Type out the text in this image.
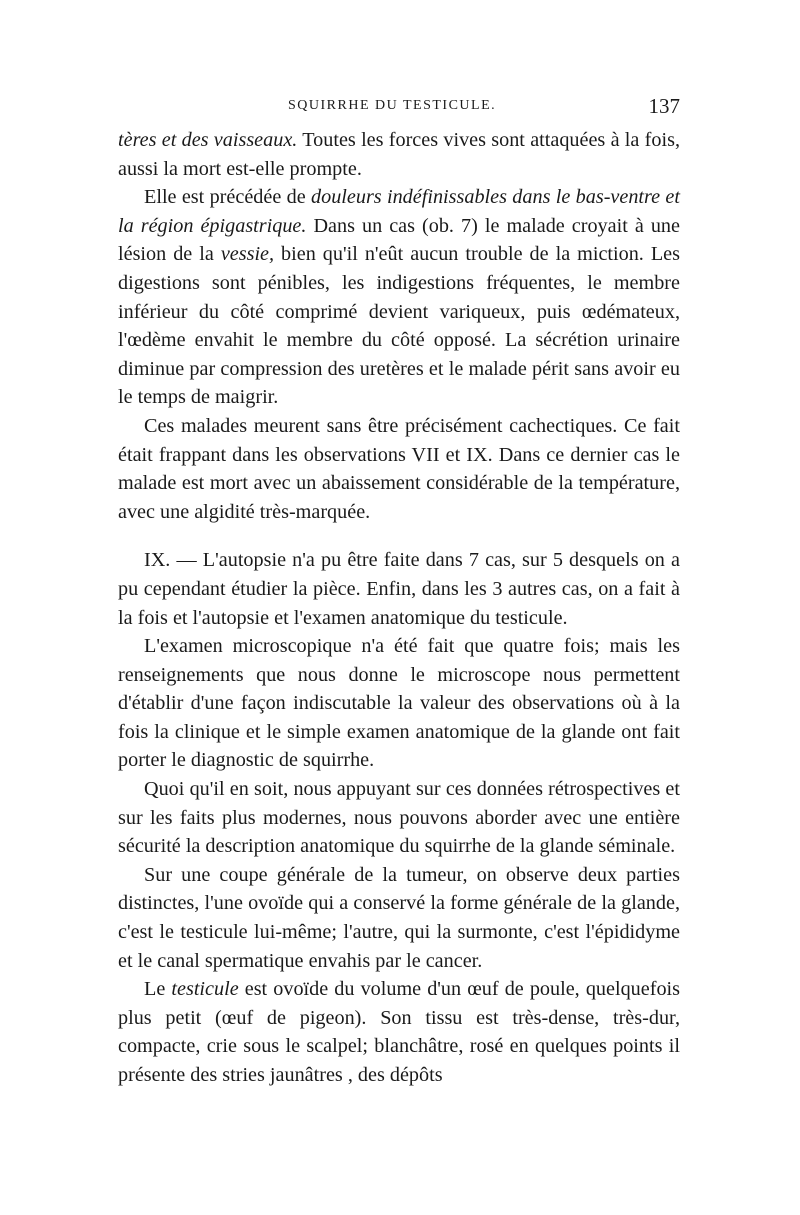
SQUIRRHE DU TESTICULE.	137

tères et des vaisseaux. Toutes les forces vives sont attaquées à la fois, aussi la mort est-elle prompte.

Elle est précédée de douleurs indéfinissables dans le bas-ventre et la région épigastrique. Dans un cas (ob. 7) le malade croyait à une lésion de la vessie, bien qu'il n'eût aucun trouble de la miction. Les digestions sont pénibles, les indigestions fréquentes, le membre inférieur du côté comprimé devient variqueux, puis œdémateux, l'œdème envahit le membre du côté opposé. La sécrétion urinaire diminue par compression des uretères et le malade périt sans avoir eu le temps de maigrir.

Ces malades meurent sans être précisément cachectiques. Ce fait était frappant dans les observations VII et IX. Dans ce dernier cas le malade est mort avec un abaissement considérable de la température, avec une algidité très-marquée.

IX. — L'autopsie n'a pu être faite dans 7 cas, sur 5 desquels on a pu cependant étudier la pièce. Enfin, dans les 3 autres cas, on a fait à la fois et l'autopsie et l'examen anatomique du testicule.

L'examen microscopique n'a été fait que quatre fois; mais les renseignements que nous donne le microscope nous permettent d'établir d'une façon indiscutable la valeur des observations où à la fois la clinique et le simple examen anatomique de la glande ont fait porter le diagnostic de squirrhe.

Quoi qu'il en soit, nous appuyant sur ces données rétrospectives et sur les faits plus modernes, nous pouvons aborder avec une entière sécurité la description anatomique du squirrhe de la glande séminale.

Sur une coupe générale de la tumeur, on observe deux parties distinctes, l'une ovoïde qui a conservé la forme générale de la glande, c'est le testicule lui-même; l'autre, qui la surmonte, c'est l'épididyme et le canal spermatique envahis par le cancer.

Le testicule est ovoïde du volume d'un œuf de poule, quelquefois plus petit (œuf de pigeon). Son tissu est très-dense, très-dur, compacte, crie sous le scalpel; blanchâtre, rosé en quelques points il présente des stries jaunâtres , des dépôts
